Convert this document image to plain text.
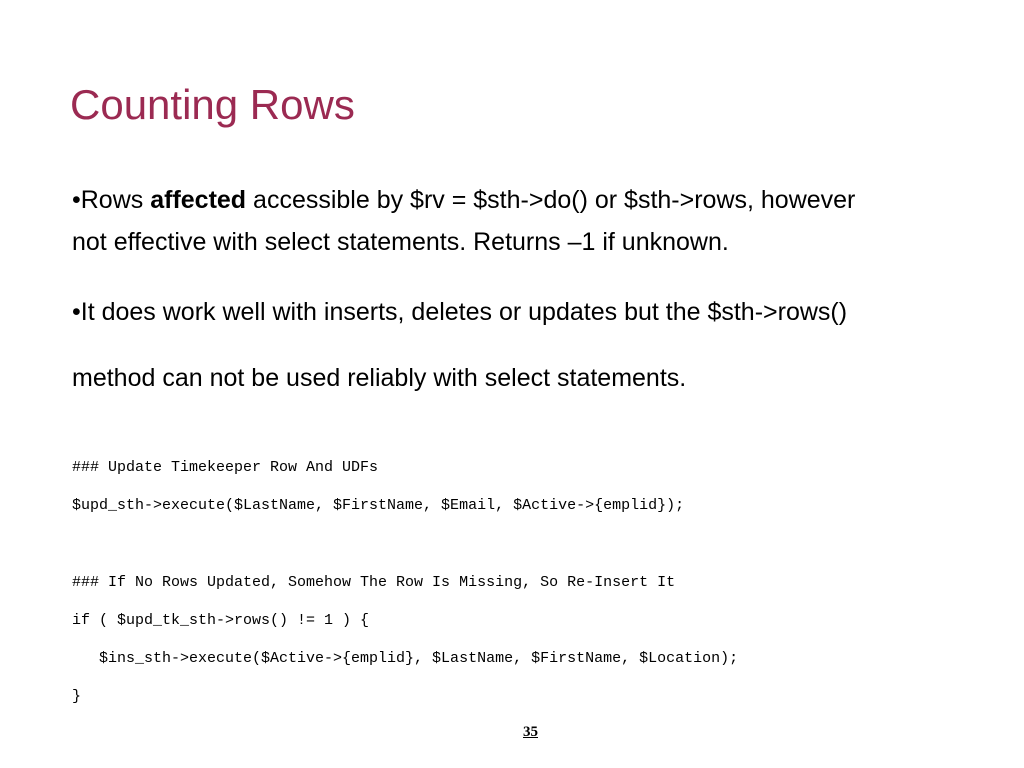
Counting Rows
•Rows affected accessible by $rv = $sth->do() or $sth->rows, however
not effective with select statements. Returns –1 if unknown.
•It does work well with inserts, deletes or updates but the $sth->rows()
method can not be used reliably with select statements.
### Update Timekeeper Row And UDFs
$upd_sth->execute($LastName, $FirstName, $Email, $Active->{emplid});
### If No Rows Updated, Somehow The Row Is Missing, So Re-Insert It
if ( $upd_tk_sth->rows() != 1 ) {
$ins_sth->execute($Active->{emplid}, $LastName, $FirstName, $Location);
}
35
